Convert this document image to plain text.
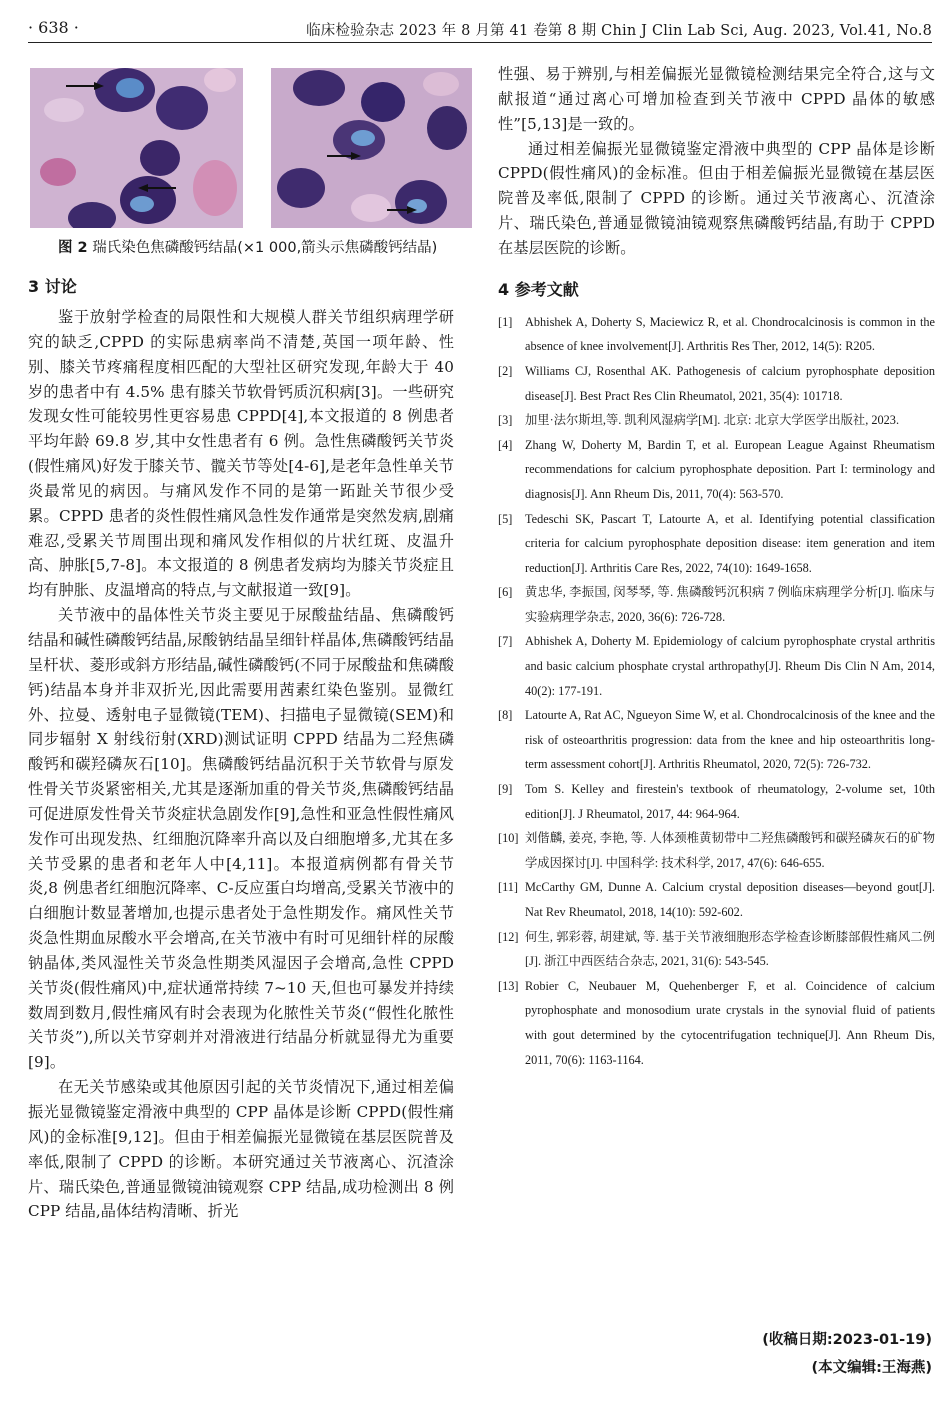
· 638 ·	临床检验杂志 2023 年 8 月第 41 卷第 8 期 Chin J Clin Lab Sci, Aug. 2023, Vol.41, No.8
图 2 瑞氏染色焦磷酸钙结晶(×1 000,箭头示焦磷酸钙结晶)
3 讨论

鉴于放射学检查的局限性和大规模人群关节组织病理学研究的缺乏,CPPD 的实际患病率尚不清楚,英国一项年龄、性别、膝关节疼痛程度相匹配的大型社区研究发现,年龄大于 40 岁的患者中有 4.5% 患有膝关节软骨钙质沉积病[3]。一些研究发现女性可能较男性更容易患 CPPD[4],本文报道的 8 例患者平均年龄 69.8 岁,其中女性患者有 6 例。急性焦磷酸钙关节炎(假性痛风)好发于膝关节、髋关节等处[4-6],是老年急性单关节炎最常见的病因。与痛风发作不同的是第一跖趾关节很少受累。CPPD 患者的炎性假性痛风急性发作通常是突然发病,剧痛难忍,受累关节周围出现和痛风发作相似的片状红斑、皮温升高、肿胀[5,7-8]。本文报道的 8 例患者发病均为膝关节炎症且均有肿胀、皮温增高的特点,与文献报道一致[9]。

关节液中的晶体性关节炎主要见于尿酸盐结晶、焦磷酸钙结晶和碱性磷酸钙结晶,尿酸钠结晶呈细针样晶体,焦磷酸钙结晶呈杆状、菱形或斜方形结晶,碱性磷酸钙(不同于尿酸盐和焦磷酸钙)结晶本身并非双折光,因此需要用茜素红染色鉴别。显微红外、拉曼、透射电子显微镜(TEM)、扫描电子显微镜(SEM)和同步辐射 X 射线衍射(XRD)测试证明 CPPD 结晶为二羟焦磷酸钙和碳羟磷灰石[10]。焦磷酸钙结晶沉积于关节软骨与原发性骨关节炎紧密相关,尤其是逐渐加重的骨关节炎,焦磷酸钙结晶可促进原发性骨关节炎症状急剧发作[9],急性和亚急性假性痛风发作可出现发热、红细胞沉降率升高以及白细胞增多,尤其在多关节受累的患者和老年人中[4,11]。本报道病例都有骨关节炎,8 例患者红细胞沉降率、C-反应蛋白均增高,受累关节液中的白细胞计数显著增加,也提示患者处于急性期发作。痛风性关节炎急性期血尿酸水平会增高,在关节液中有时可见细针样的尿酸钠晶体,类风湿性关节炎急性期类风湿因子会增高,急性 CPPD 关节炎(假性痛风)中,症状通常持续 7~10 天,但也可暴发并持续数周到数月,假性痛风有时会表现为化脓性关节炎(“假性化脓性关节炎”),所以关节穿刺并对滑液进行结晶分析就显得尤为重要[9]。

在无关节感染或其他原因引起的关节炎情况下,通过相差偏振光显微镜鉴定滑液中典型的 CPP 晶体是诊断 CPPD(假性痛风)的金标准[9,12]。但由于相差偏振光显微镜在基层医院普及率低,限制了 CPPD 的诊断。本研究通过关节液离心、沉渣涂片、瑞氏染色,普通显微镜油镜观察 CPP 结晶,成功检测出 8 例 CPP 结晶,晶体结构清晰、折光

性强、易于辨别,与相差偏振光显微镜检测结果完全符合,这与文献报道“通过离心可增加检查到关节液中 CPPD 晶体的敏感性”[5,13]是一致的。

通过相差偏振光显微镜鉴定滑液中典型的 CPP 晶体是诊断 CPPD(假性痛风)的金标准。但由于相差偏振光显微镜在基层医院普及率低,限制了 CPPD 的诊断。通过关节液离心、沉渣涂片、瑞氏染色,普通显微镜油镜观察焦磷酸钙结晶,有助于 CPPD 在基层医院的诊断。

4 参考文献
[1] Abhishek A, Doherty S, Maciewicz R, et al. Chondrocalcinosis is common in the absence of knee involvement[J]. Arthritis Res Ther, 2012, 14(5): R205.
[2] Williams CJ, Rosenthal AK. Pathogenesis of calcium pyrophosphate deposition disease[J]. Best Pract Res Clin Rheumatol, 2021, 35(4): 101718.
[3] 加里·法尔斯坦,等. 凯利风湿病学[M]. 北京: 北京大学医学出版社, 2023.
[4] Zhang W, Doherty M, Bardin T, et al. European League Against Rheumatism recommendations for calcium pyrophosphate deposition. Part I: terminology and diagnosis[J]. Ann Rheum Dis, 2011, 70(4): 563-570.
[5] Tedeschi SK, Pascart T, Latourte A, et al. Identifying potential classification criteria for calcium pyrophosphate deposition disease: item generation and item reduction[J]. Arthritis Care Res, 2022, 74(10): 1649-1658.
[6] 黄忠华, 李振国, 闵琴琴, 等. 焦磷酸钙沉积病 7 例临床病理学分析[J]. 临床与实验病理学杂志, 2020, 36(6): 726-728.
[7] Abhishek A, Doherty M. Epidemiology of calcium pyrophosphate crystal arthritis and basic calcium phosphate crystal arthropathy[J]. Rheum Dis Clin N Am, 2014, 40(2): 177-191.
[8] Latourte A, Rat AC, Ngueyon Sime W, et al. Chondrocalcinosis of the knee and the risk of osteoarthritis progression: data from the knee and hip osteoarthritis long-term assessment cohort[J]. Arthritis Rheumatol, 2020, 72(5): 726-732.
[9] Tom S. Kelley and firestein's textbook of rheumatology, 2-volume set, 10th edition[J]. J Rheumatol, 2017, 44: 964-964.
[10] 刘偕麟, 姜亮, 李艳, 等. 人体颈椎黄韧带中二羟焦磷酸钙和碳羟磷灰石的矿物学成因探讨[J]. 中国科学: 技术科学, 2017, 47(6): 646-655.
[11] McCarthy GM, Dunne A. Calcium crystal deposition diseases—beyond gout[J]. Nat Rev Rheumatol, 2018, 14(10): 592-602.
[12] 何生, 郭彩蓉, 胡建斌, 等. 基于关节液细胞形态学检查诊断膝部假性痛风二例[J]. 浙江中西医结合杂志, 2021, 31(6): 543-545.
[13] Robier C, Neubauer M, Quehenberger F, et al. Coincidence of calcium pyrophosphate and monosodium urate crystals in the synovial fluid of patients with gout determined by the cytocentrifugation technique[J]. Ann Rheum Dis, 2011, 70(6): 1163-1164.
(收稿日期:2023-01-19)
(本文编辑:王海燕)
